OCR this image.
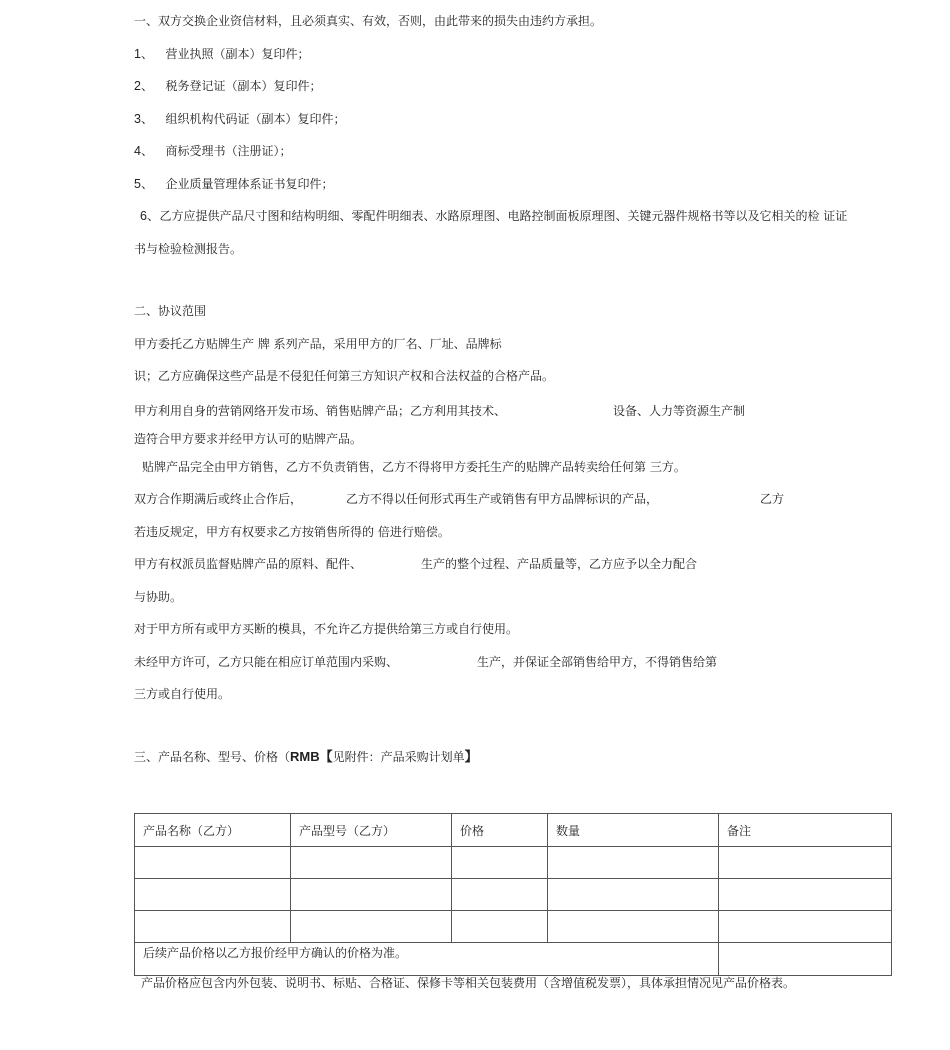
一、双方交换企业资信材料，且必须真实、有效，否则，由此带来的损失由违约方承担。
1、 营业执照（副本）复印件；
2、 税务登记证（副本）复印件；
3、 组织机构代码证（副本）复印件；
4、 商标受理书（注册证）；
5、 企业质量管理体系证书复印件；
6、乙方应提供产品尺寸图和结构明细、零配件明细表、水路原理图、电路控制面板原理图、关键元器件规格书等以及它相关的检 证证
书与检验检测报告。
二、协议范围
甲方委托乙方贴牌生产 牌 系列产品，采用甲方的厂名、厂址、品牌标
识；乙方应确保这些产品是不侵犯任何第三方知识产权和合法权益的合格产品。
甲方利用自身的营销网络开发市场、销售贴牌产品；乙方利用其技术、	设备、人力等资源生产制
造符合甲方要求并经甲方认可的贴牌产品。
贴牌产品完全由甲方销售，乙方不负责销售，乙方不得将甲方委托生产的贴牌产品转卖给任何第 三方。
双方合作期满后或终止合作后，	乙方不得以任何形式再生产或销售有甲方品牌标识的产品，	乙方
若违反规定，甲方有权要求乙方按销售所得的 倍进行赔偿。
甲方有权派员监督贴牌产品的原料、配件、	生产的整个过程、产品质量等，乙方应予以全力配合
与协助。
对于甲方所有或甲方买断的模具，不允许乙方提供给第三方或自行使用。
未经甲方许可，乙方只能在相应订单范围内采购、	生产，并保证全部销售给甲方，不得销售给第
三方或自行使用。
三、产品名称、型号、价格（RMB【见附件：产品采购计划单】
产品名称（乙方）	产品型号（乙方）	价格	数量	备注

后续产品价格以乙方报价经甲方确认的价格为准。				
产品价格应包含内外包装、说明书、标贴、合格证、保修卡等相关包装费用（含增值税发票），具体承担情况见产品价格表。
